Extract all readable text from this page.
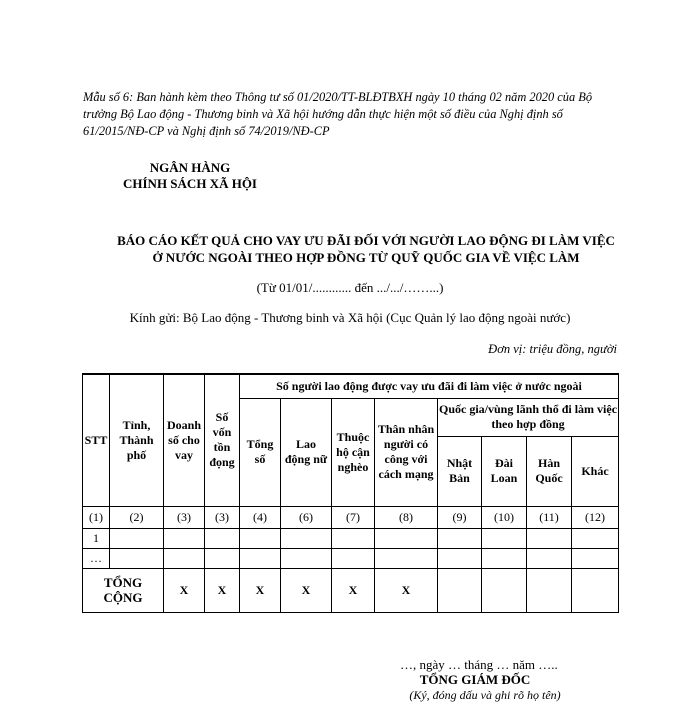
Mẫu số 6: Ban hành kèm theo Thông tư số 01/2020/TT-BLĐTBXH ngày 10 tháng 02 năm 2020 của Bộ trưởng Bộ Lao động - Thương binh và Xã hội hướng dẫn thực hiện một số điều của Nghị định số 61/2015/NĐ-CP và Nghị định số 74/2019/NĐ-CP
NGÂN HÀNG
CHÍNH SÁCH XÃ HỘI
BÁO CÁO KẾT QUẢ CHO VAY ƯU ĐÃI ĐỐI VỚI NGƯỜI LAO ĐỘNG ĐI LÀM VIỆC
Ở NƯỚC NGOÀI THEO HỢP ĐỒNG TỪ QUỸ QUỐC GIA VỀ VIỆC LÀM
(Từ 01/01/............ đến .../.../……...)
Kính gửi: Bộ Lao động - Thương binh và Xã hội (Cục Quản lý lao động ngoài nước)
Đơn vị: triệu đồng, người
STT	Tỉnh, Thành phố	Doanh số cho vay	Số vốn tồn đọng	Số người lao động được vay ưu đãi đi làm việc ở nước ngoài							
				Tổng số	Lao động nữ	Thuộc hộ cận nghèo	Thân nhân người có công với cách mạng	Quốc gia/vùng lãnh thổ đi làm việc theo hợp đồng			
								Nhật Bản	Đài Loan	Hàn Quốc	Khác
(1)	(2)	(3)	(3)	(4)	(6)	(7)	(8)	(9)	(10)	(11)	(12)
1											
…											
TỔNG CỘNG		X	X	X	X	X	X				
…, ngày … tháng … năm …..
TỔNG GIÁM ĐỐC
(Ký, đóng dấu và ghi rõ họ tên)
